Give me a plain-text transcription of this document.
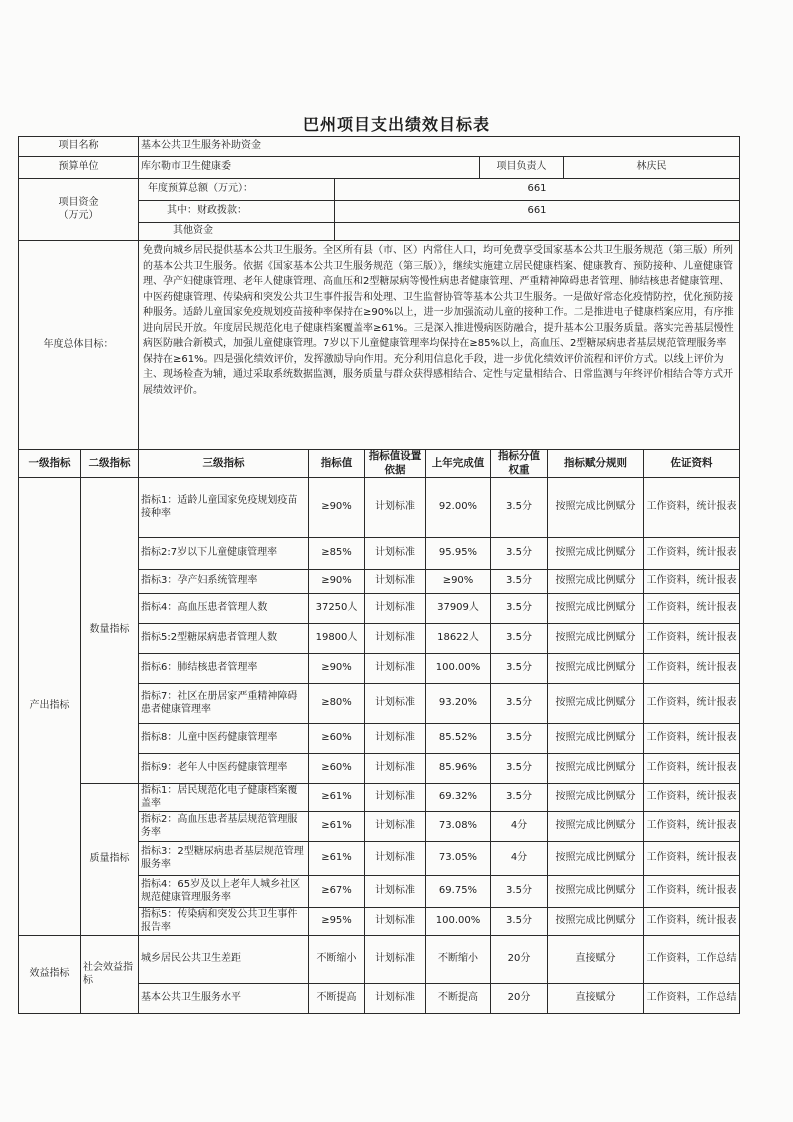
巴州项目支出绩效目标表
项目名称	基本公共卫生服务补助资金			
预算单位	库尔勒市卫生健康委		项目负责人	林庆民

项目资金
（万元）	年度预算总额（万元）：	661		
	其中：财政拨款：	661		
	其他资金			
年度总体目标：	免费向城乡居民提供基本公共卫生服务。全区所有县（市、区）内常住人口，均可免费享受国家基本公共卫生服务规范（第三版）所列的基本公共卫生服务。依据《国家基本公共卫生服务规范（第三版）》，继续实施建立居民健康档案、健康教育、预防接种、儿童健康管理、孕产妇健康管理、老年人健康管理、高血压和2型糖尿病等慢性病患者健康管理、严重精神障碍患者管理、肺结核患者健康管理、中医药健康管理、传染病和突发公共卫生事件报告和处理、卫生监督协管等基本公共卫生服务。一是做好常态化疫情防控，优化预防接种服务。适龄儿童国家免疫规划疫苗接种率保持在≥90%以上，进一步加强流动儿童的接种工作。二是推进电子健康档案应用，有序推进向居民开放。年度居民规范化电子健康档案覆盖率≥61%。三是深入推进慢病医防融合，提升基本公卫服务质量。落实完善基层慢性病医防融合新模式，加强儿童健康管理。7岁以下儿童健康管理率均保持在≥85%以上，高血压、2型糖尿病患者基层规范管理服务率保持在≥61%。四是强化绩效评价，发挥激励导向作用。充分利用信息化手段，进一步优化绩效评价流程和评价方式。以线上评价为主、现场检查为辅，通过采取系统数据监测，服务质量与群众获得感相结合、定性与定量相结合、日常监测与年终评价相结合等方式开展绩效评价。			
一级指标	二级指标	三级指标	指标值	指标值设置依据	上年完成值	指标分值权重	指标赋分规则	佐证资料
产出指标	数量指标	指标1：适龄儿童国家免疫规划疫苗接种率	≥90%	计划标准	92.00%	3.5分	按照完成比例赋分	工作资料，统计报表
		指标2:7岁以下儿童健康管理率	≥85%	计划标准	95.95%	3.5分	按照完成比例赋分	工作资料，统计报表
		指标3：孕产妇系统管理率	≥90%	计划标准	≥90%	3.5分	按照完成比例赋分	工作资料，统计报表
		指标4：高血压患者管理人数	37250人	计划标准	37909人	3.5分	按照完成比例赋分	工作资料，统计报表
		指标5:2型糖尿病患者管理人数	19800人	计划标准	18622人	3.5分	按照完成比例赋分	工作资料，统计报表
		指标6：肺结核患者管理率	≥90%	计划标准	100.00%	3.5分	按照完成比例赋分	工作资料，统计报表
		指标7：社区在册居家严重精神障碍患者健康管理率	≥80%	计划标准	93.20%	3.5分	按照完成比例赋分	工作资料，统计报表
		指标8：儿童中医药健康管理率	≥60%	计划标准	85.52%	3.5分	按照完成比例赋分	工作资料，统计报表
		指标9：老年人中医药健康管理率	≥60%	计划标准	85.96%	3.5分	按照完成比例赋分	工作资料，统计报表
	质量指标	指标1：居民规范化电子健康档案覆盖率	≥61%	计划标准	69.32%	3.5分	按照完成比例赋分	工作资料，统计报表
		指标2：高血压患者基层规范管理服务率	≥61%	计划标准	73.08%	4分	按照完成比例赋分	工作资料，统计报表
		指标3：2型糖尿病患者基层规范管理服务率	≥61%	计划标准	73.05%	4分	按照完成比例赋分	工作资料，统计报表
		指标4：65岁及以上老年人城乡社区规范健康管理服务率	≥67%	计划标准	69.75%	3.5分	按照完成比例赋分	工作资料，统计报表
		指标5：传染病和突发公共卫生事件报告率	≥95%	计划标准	100.00%	3.5分	按照完成比例赋分	工作资料，统计报表
效益指标	社会效益指标	城乡居民公共卫生差距	不断缩小	计划标准	不断缩小	20分	直接赋分	工作资料，工作总结
		基本公共卫生服务水平	不断提高	计划标准	不断提高	20分	直接赋分	工作资料，工作总结
